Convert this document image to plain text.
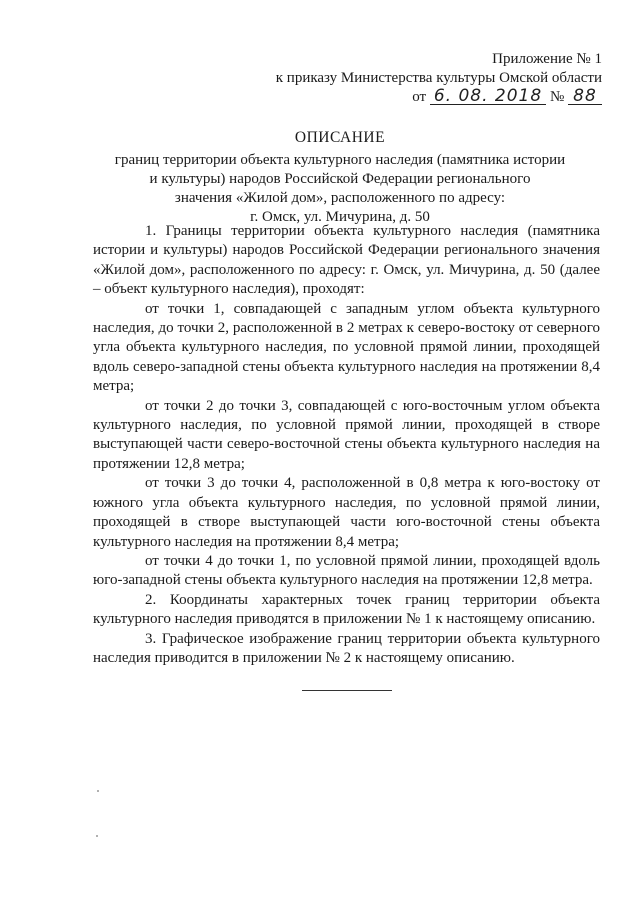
Приложение № 1
к приказу Министерства культуры Омской области
от 6. 08. 2018 № 88
ОПИСАНИЕ
границ территории объекта культурного наследия (памятника истории
и культуры) народов Российской Федерации регионального
значения «Жилой дом», расположенного по адресу:
г. Омск, ул. Мичурина, д. 50

1. Границы территории объекта культурного наследия (памятника истории и культуры) народов Российской Федерации регионального значения «Жилой дом», расположенного по адресу: г. Омск, ул. Мичурина, д. 50 (далее – объект культурного наследия), проходят:

от точки 1, совпадающей с западным углом объекта культурного наследия, до точки 2, расположенной в 2 метрах к северо-востоку от северного угла объекта культурного наследия, по условной прямой линии, проходящей вдоль северо-западной стены объекта культурного наследия на протяжении 8,4 метра;

от точки 2 до точки 3, совпадающей с юго-восточным углом объекта культурного наследия, по условной прямой линии, проходящей в створе выступающей части северо-восточной стены объекта культурного наследия на протяжении 12,8 метра;

от точки 3 до точки 4, расположенной в 0,8 метра к юго-востоку от южного угла объекта культурного наследия, по условной прямой линии, проходящей в створе выступающей части юго-восточной стены объекта культурного наследия на протяжении 8,4 метра;

от точки 4 до точки 1, по условной прямой линии, проходящей вдоль юго-западной стены объекта культурного наследия на протяжении 12,8 метра.

2. Координаты характерных точек границ территории объекта культурного наследия приводятся в приложении № 1 к настоящему описанию.

3. Графическое изображение границ территории объекта культурного наследия приводится в приложении № 2 к настоящему описанию.
